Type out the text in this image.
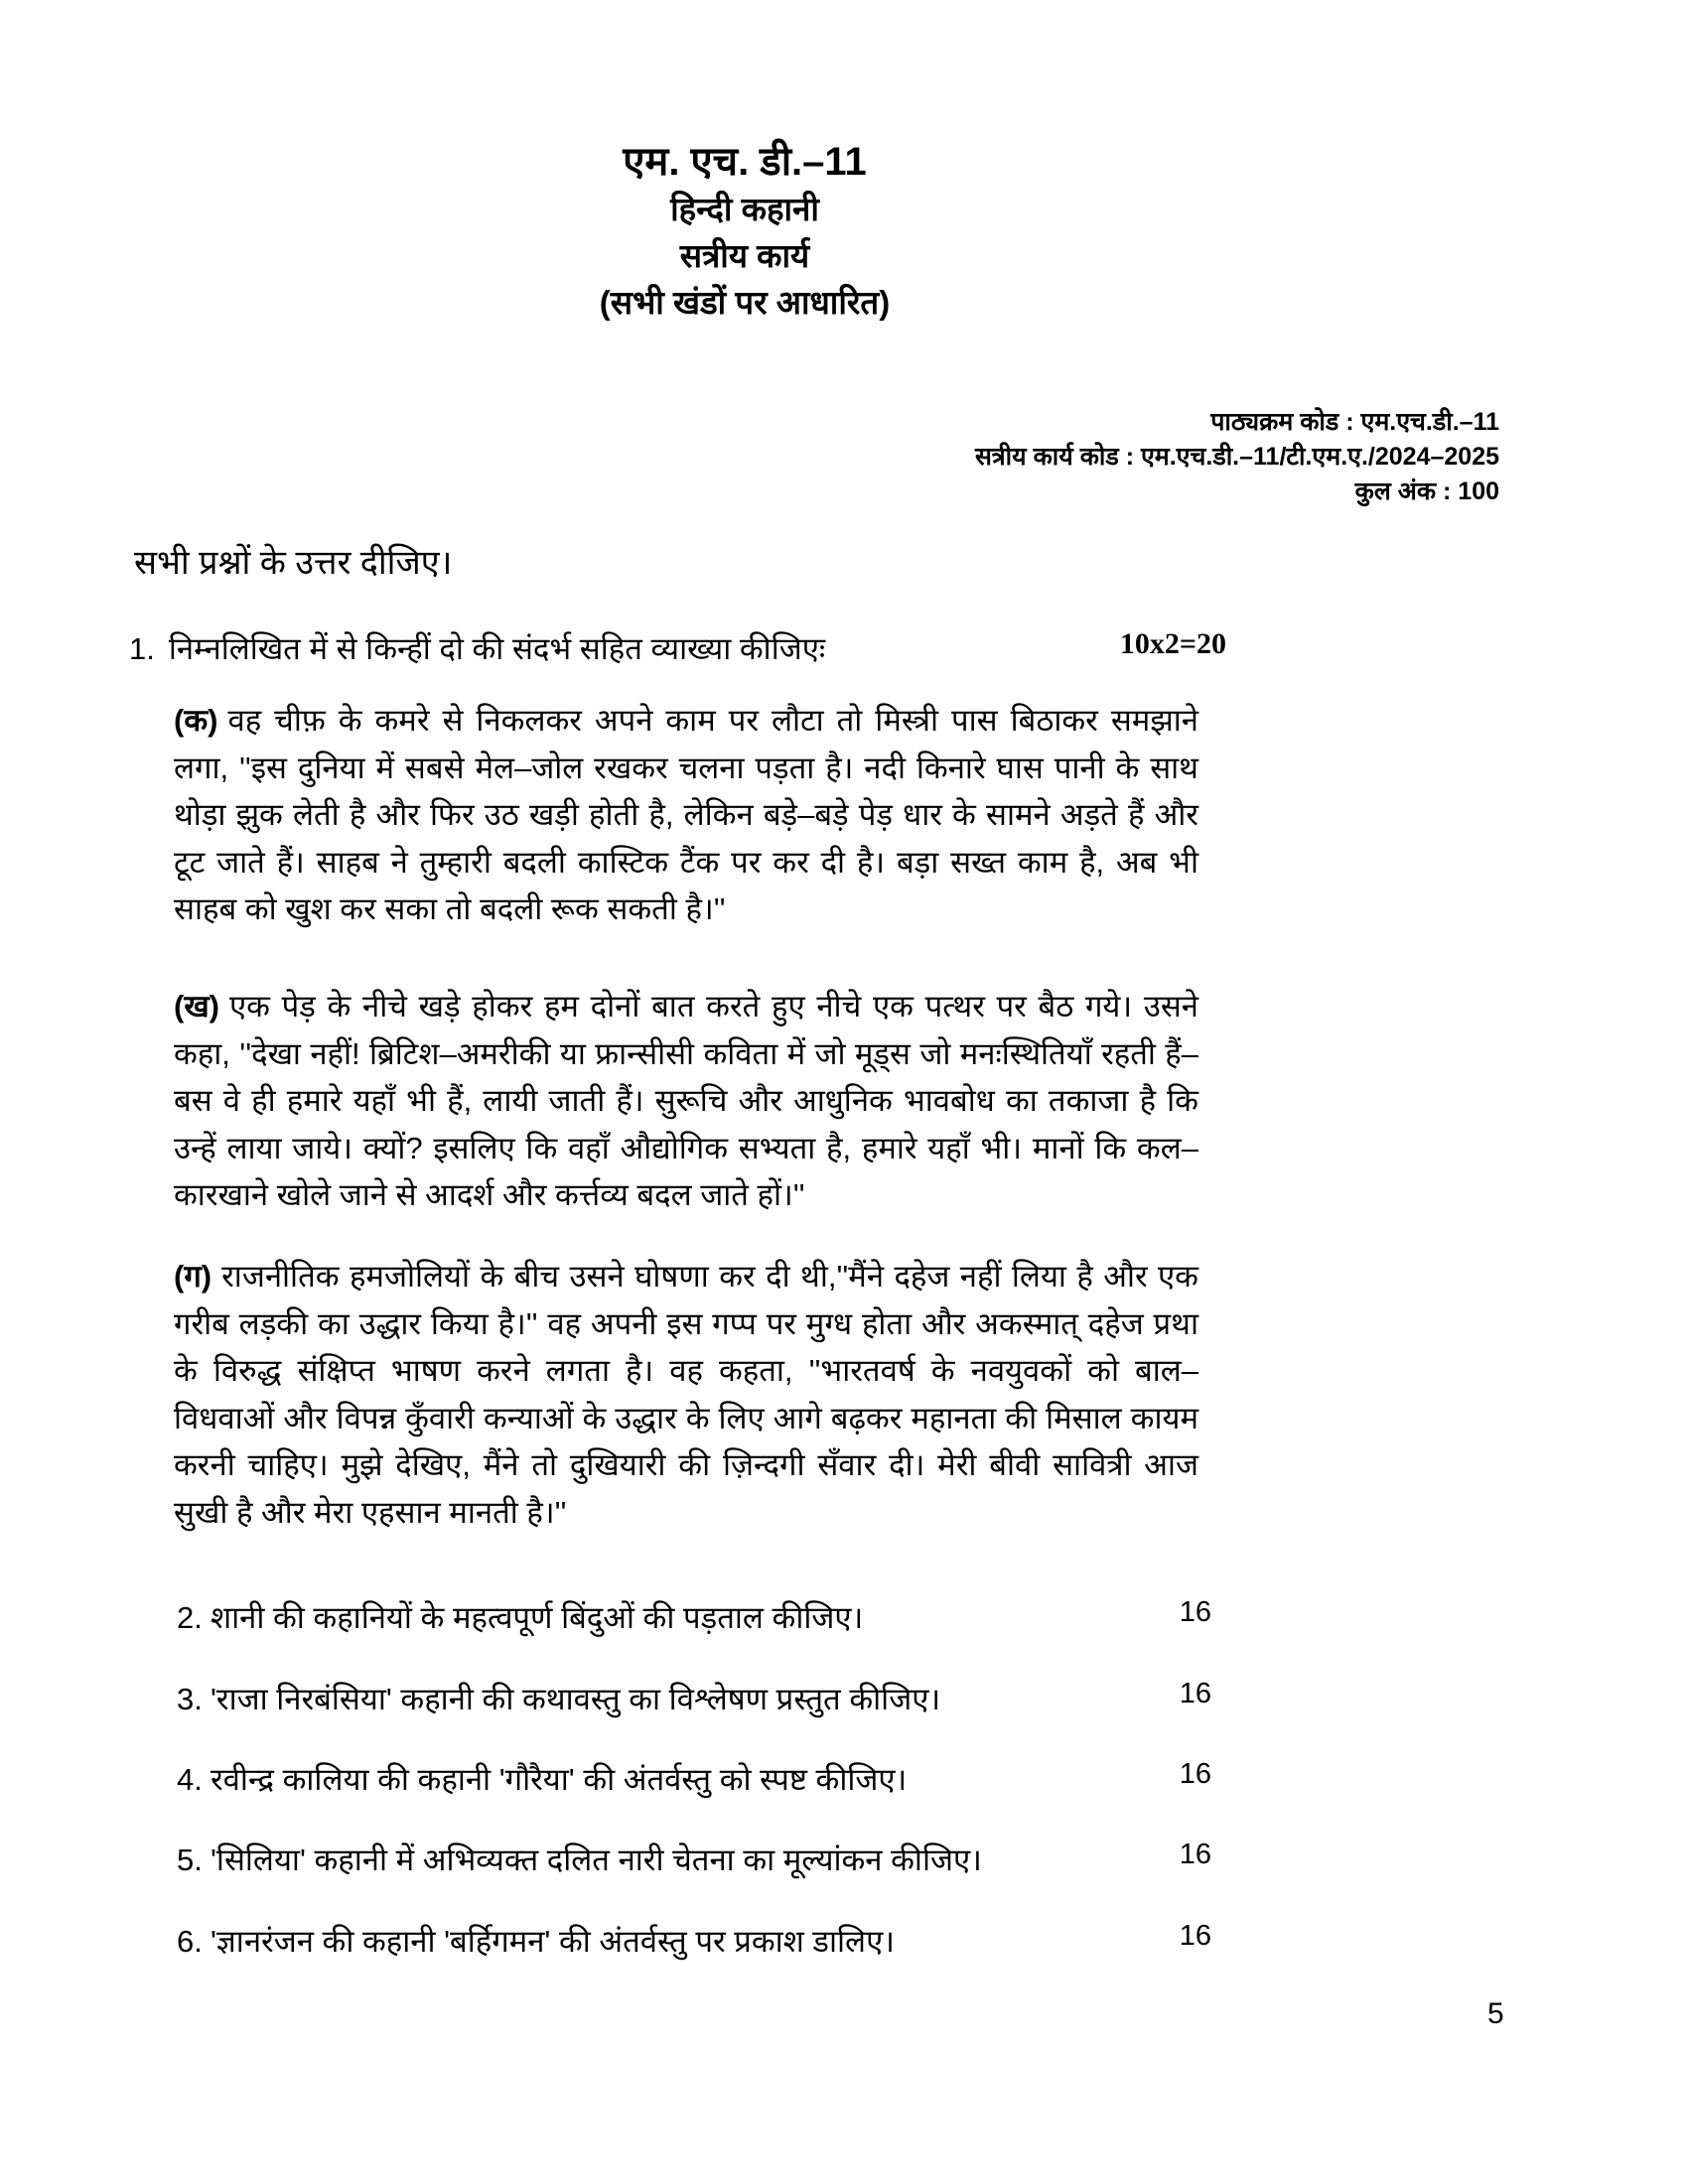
एम. एच. डी.–11
हिन्दी कहानी
सत्रीय कार्य
(सभी खंडों पर आधारित)
पाठ्यक्रम कोड : एम.एच.डी.–11
सत्रीय कार्य कोड : एम.एच.डी.–11/टी.एम.ए./2024–2025
कुल अंक : 100
सभी प्रश्नों के उत्तर दीजिए।
1. निम्नलिखित में से किन्हीं दो की संदर्भ सहित व्याख्या कीजिएः	10x2=20

(क) वह चीफ़ के कमरे से निकलकर अपने काम पर लौटा तो मिस्त्री पास बिठाकर समझाने लगा, ''इस दुनिया में सबसे मेल–जोल रखकर चलना पड़ता है। नदी किनारे घास पानी के साथ थोड़ा झुक लेती है और फिर उठ खड़ी होती है, लेकिन बड़े–बड़े पेड़ धार के सामने अड़ते हैं और टूट जाते हैं। साहब ने तुम्हारी बदली कास्टिक टैंक पर कर दी है। बड़ा सख्त काम है, अब भी साहब को खुश कर सका तो बदली रूक सकती है।''

(ख) एक पेड़ के नीचे खड़े होकर हम दोनों बात करते हुए नीचे एक पत्थर पर बैठ गये। उसने कहा, ''देखा नहीं! ब्रिटिश–अमरीकी या फ्रान्सीसी कविता में जो मूड्स जो मनःस्थितियाँ रहती हैं– बस वे ही हमारे यहाँ भी हैं, लायी जाती हैं। सुरूचि और आधुनिक भावबोध का तकाजा है कि उन्हें लाया जाये। क्यों? इसलिए कि वहाँ औद्योगिक सभ्यता है, हमारे यहाँ भी। मानों कि कल–कारखाने खोले जाने से आदर्श और कर्त्तव्य बदल जाते हों।''

(ग) राजनीतिक हमजोलियों के बीच उसने घोषणा कर दी थी,''मैंने दहेज नहीं लिया है और एक गरीब लड़की का उद्धार किया है।'' वह अपनी इस गप्प पर मुग्ध होता और अकस्मात् दहेज प्रथा के विरुद्ध संक्षिप्त भाषण करने लगता है। वह कहता, ''भारतवर्ष के नवयुवकों को बाल–विधवाओं और विपन्न कुँवारी कन्याओं के उद्धार के लिए आगे बढ़कर महानता की मिसाल कायम करनी चाहिए। मुझे देखिए, मैंने तो दुखियारी की ज़िन्दगी सँवार दी। मेरी बीवी सावित्री आज सुखी है और मेरा एहसान मानती है।''

2. शानी की कहानियों के महत्वपूर्ण बिंदुओं की पड़ताल कीजिए।	16
3. 'राजा निरबंसिया' कहानी की कथावस्तु का विश्लेषण प्रस्तुत कीजिए।	16
4. रवीन्द्र कालिया की कहानी 'गौरैया' की अंतर्वस्तु को स्पष्ट कीजिए।	16
5. 'सिलिया' कहानी में अभिव्यक्त दलित नारी चेतना का मूल्यांकन कीजिए।	16
6. 'ज्ञानरंजन की कहानी 'बर्हिगमन' की अंतर्वस्तु पर प्रकाश डालिए।	16
5
